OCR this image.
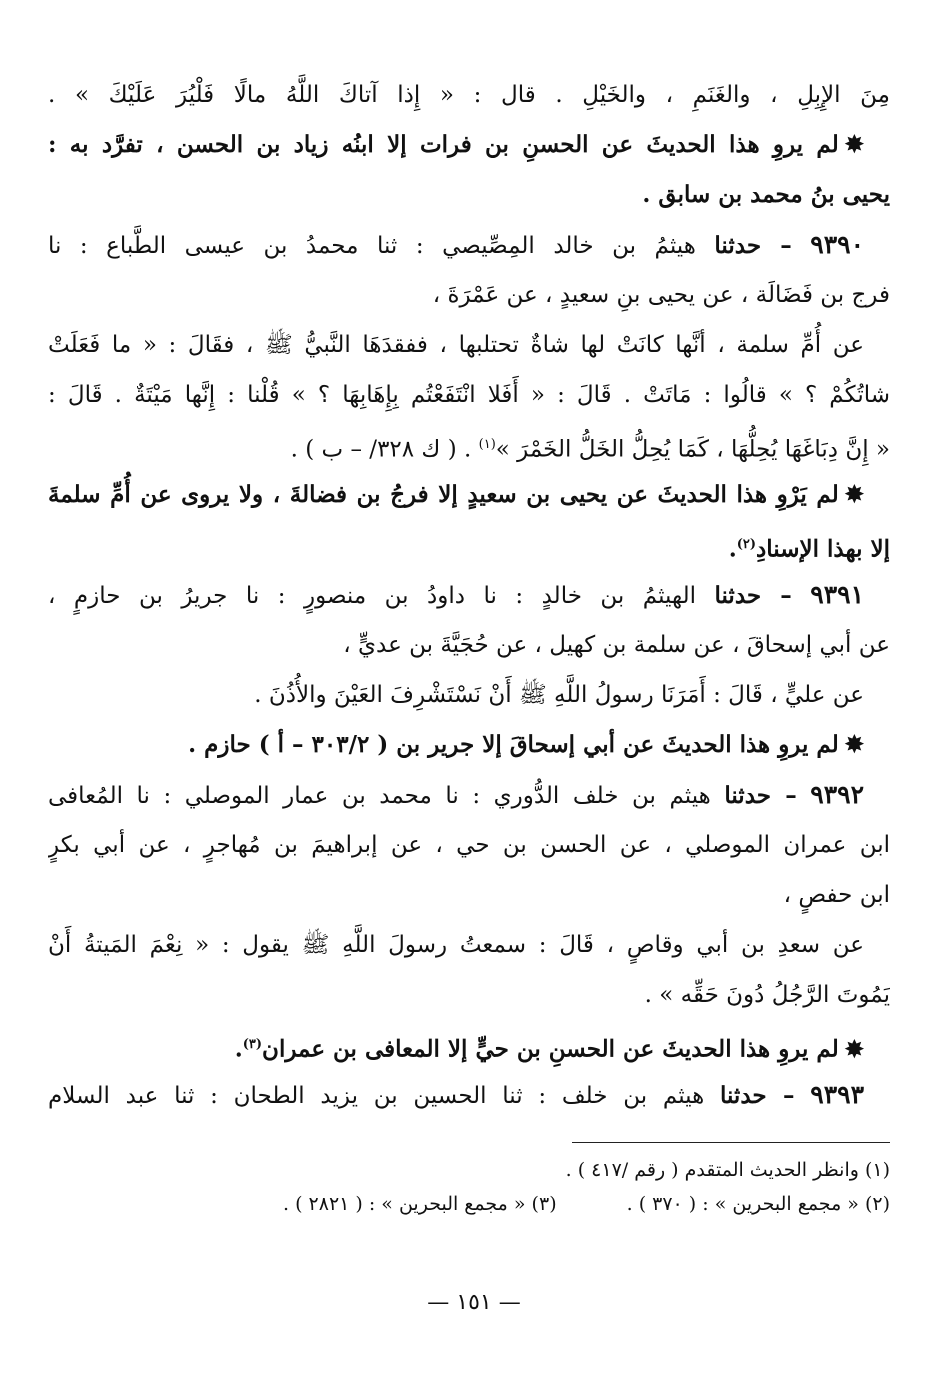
مِنَ الإِبِلِ ، والغَنَمِ ، والخَيْلِ . قال : « إِذا آتاكَ اللَّهُ مالًا فَلْيُرَ عَلَيْكَ » .
✸لم يروِ هذا الحديثَ عن الحسنِ بن فرات إلا ابنُه زياد بن الحسن ، تفرَّد به :
يحيى بنُ محمد بن سابق .
٩٣٩٠ – حدثنا هيثمُ بن خالد المِصِّيصي : ثنا محمدُ بن عيسى الطَّباع : نا
فرج بن فَضَالَة ، عن يحيى بنِ سعيدٍ ، عن عَمْرَةَ ،
عن أُمِّ سلمة ، أنَّها كانَتْ لها شاةٌ تحتلبها ، ففقدَهَا النَّبيُّ ﷺ ، فقَالَ : « ما فَعَلَتْ
شاتُكُمْ ؟ » قالُوا : مَاتَتْ . قَالَ : « أَفَلا انْتَفَعْتُم بِإِهَابِهَا ؟ » قُلْنا : إِنَّها مَيْتَةٌ . قَالَ :
« إِنَّ دِبَاغَهَا يُحِلُّهَا ، كَمَا يُحِلُّ الخَلُّ الخَمْرَ »$^{(١)}$ . ( ك ٣٢٨/ – ب ) .
✸لم يَرْوِ هذا الحديثَ عن يحيى بن سعيدٍ إلا فرجُ بن فضالةَ ، ولا يروى عن أُمِّ سلمةَ
إلا بهذا الإسنادِ$^{(٢)}$.
٩٣٩١ – حدثنا الهيثمُ بن خالدٍ : نا داودُ بن منصورٍ : نا جريرُ بن حازمٍ ،
عن أبي إسحاقَ ، عن سلمة بن كهيل ، عن حُجَيَّةَ بن عديٍّ ،
عن عليٍّ ، قَالَ : أَمَرَنَا رسولُ اللَّهِ ﷺ أَنْ نَسْتَشْرِفَ العَيْنَ والأُذُنَ .
✸لم يروِ هذا الحديثَ عن أبي إسحاقَ إلا جرير بن ( ٣٠٣/٢ – أ ) حازم .
٩٣٩٢ – حدثنا هيثم بن خلف الدُّوري : نا محمد بن عمار الموصلي : نا المُعافى
ابن عمران الموصلي ، عن الحسن بن حي ، عن إبراهيمَ بن مُهاجرٍ ، عن أبي بكرٍ
ابن حفصٍ ،
عن سعدِ بن أبي وقاصٍ ، قَالَ : سمعتُ رسولَ اللَّهِ ﷺ يقول : « نِعْمَ المَيتةُ أَنْ
يَمُوتَ الرَّجُلُ دُونَ حَقِّه » .
✸لم يروِ هذا الحديثَ عن الحسنِ بن حيٍّ إلا المعافى بن عمران$^{(٣)}$.
٩٣٩٣ – حدثنا هيثم بن خلف : ثنا الحسين بن يزيد الطحان : ثنا عبد السلام
(١) وانظر الحديث المتقدم ( رقم /٤١٧ ) .
(٢) « مجمع البحرين » : ( ٣٧٠ ) .
(٣) « مجمع البحرين » : ( ٢٨٢١ ) .
— ١٥١ —
